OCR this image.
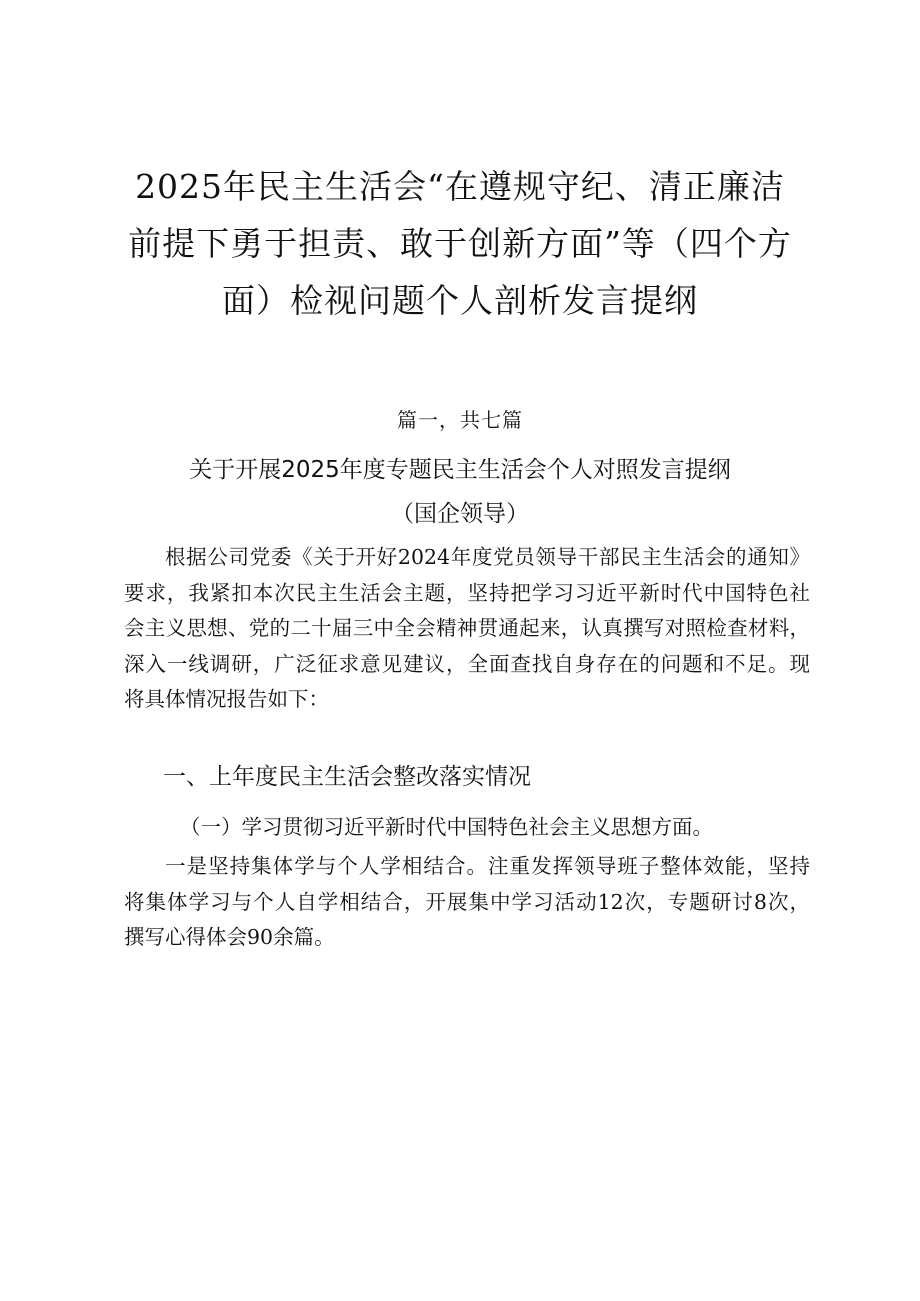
2025年民主生活会“在遵规守纪、清正廉洁
前提下勇于担责、敢于创新方面”等（四个方
面）检视问题个人剖析发言提纲
篇一，共七篇
关于开展2025年度专题民主生活会个人对照发言提纲
（国企领导）
根据公司党委《关于开好2024年度党员领导干部民主生活会的通知》
要求，我紧扣本次民主生活会主题，坚持把学习习近平新时代中国特色社
会主义思想、党的二十届三中全会精神贯通起来，认真撰写对照检查材料，
深入一线调研，广泛征求意见建议，全面查找自身存在的问题和不足。现
将具体情况报告如下：
一、上年度民主生活会整改落实情况
（一）学习贯彻习近平新时代中国特色社会主义思想方面。
一是坚持集体学与个人学相结合。注重发挥领导班子整体效能，坚持
将集体学习与个人自学相结合，开展集中学习活动12次，专题研讨8次，
撰写心得体会90余篇。
